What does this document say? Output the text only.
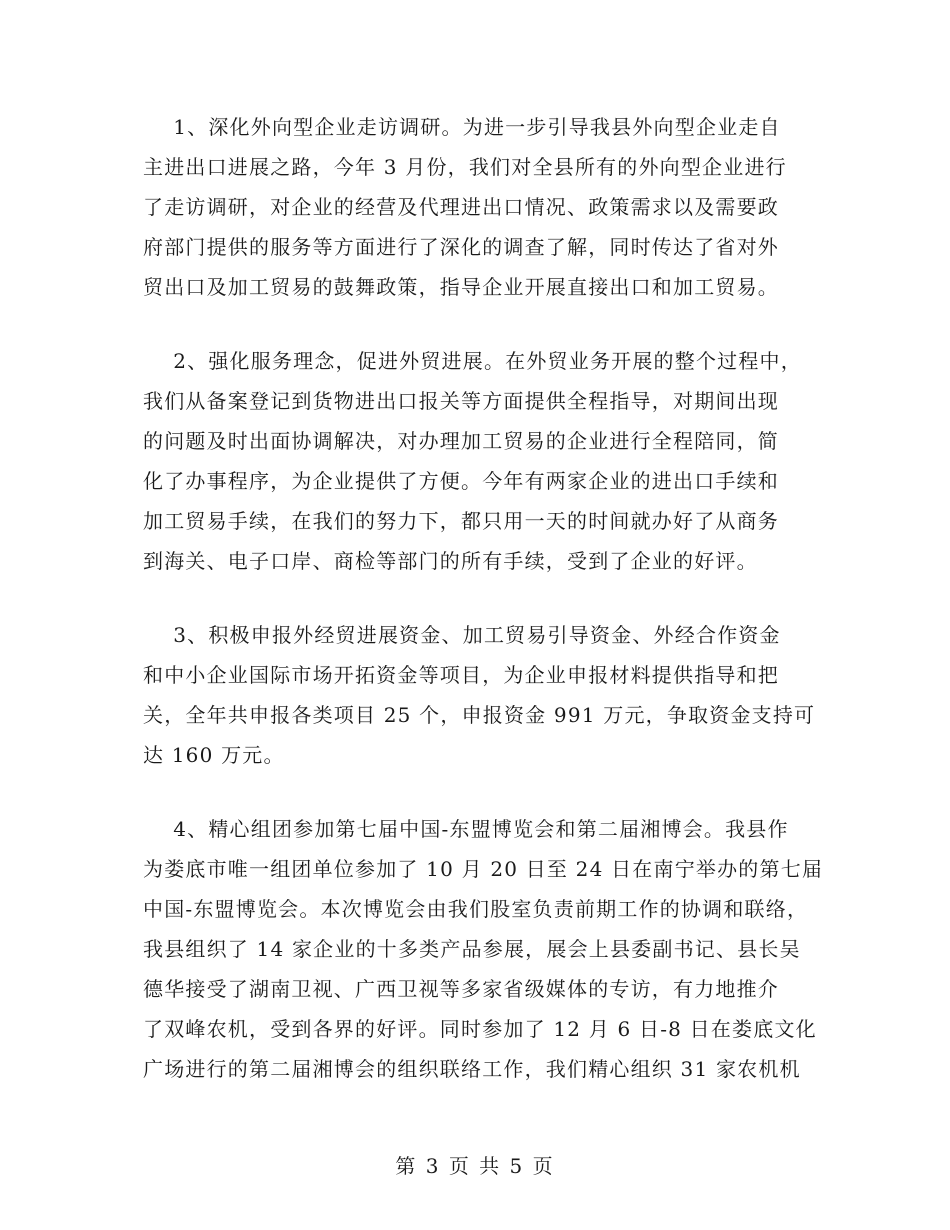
1、深化外向型企业走访调研。为进一步引导我县外向型企业走自
主进出口进展之路，今年 3 月份，我们对全县所有的外向型企业进行
了走访调研，对企业的经营及代理进出口情况、政策需求以及需要政
府部门提供的服务等方面进行了深化的调查了解，同时传达了省对外
贸出口及加工贸易的鼓舞政策，指导企业开展直接出口和加工贸易。
2、强化服务理念，促进外贸进展。在外贸业务开展的整个过程中，
我们从备案登记到货物进出口报关等方面提供全程指导，对期间出现
的问题及时出面协调解决，对办理加工贸易的企业进行全程陪同，简
化了办事程序，为企业提供了方便。今年有两家企业的进出口手续和
加工贸易手续，在我们的努力下，都只用一天的时间就办好了从商务
到海关、电子口岸、商检等部门的所有手续，受到了企业的好评。
3、积极申报外经贸进展资金、加工贸易引导资金、外经合作资金
和中小企业国际市场开拓资金等项目，为企业申报材料提供指导和把
关，全年共申报各类项目 25 个，申报资金 991 万元，争取资金支持可
达 160 万元。
4、精心组团参加第七届中国-东盟博览会和第二届湘博会。我县作
为娄底市唯一组团单位参加了 10 月 20 日至 24 日在南宁举办的第七届
中国-东盟博览会。本次博览会由我们股室负责前期工作的协调和联络，
我县组织了 14 家企业的十多类产品参展，展会上县委副书记、县长吴
德华接受了湖南卫视、广西卫视等多家省级媒体的专访，有力地推介
了双峰农机，受到各界的好评。同时参加了 12 月 6 日-8 日在娄底文化
广场进行的第二届湘博会的组织联络工作，我们精心组织 31 家农机机
第 3 页 共 5 页
